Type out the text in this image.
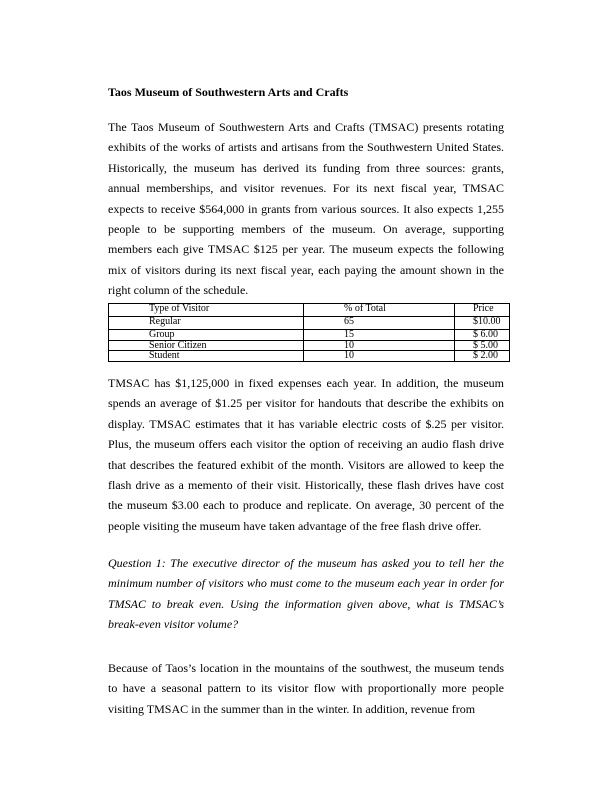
Taos Museum of Southwestern Arts and Crafts
The Taos Museum of Southwestern Arts and Crafts (TMSAC) presents rotating exhibits of the works of artists and artisans from the Southwestern United States. Historically, the museum has derived its funding from three sources: grants, annual memberships, and visitor revenues. For its next fiscal year, TMSAC expects to receive $564,000 in grants from various sources. It also expects 1,255 people to be supporting members of the museum. On average, supporting members each give TMSAC $125 per year. The museum expects the following mix of visitors during its next fiscal year, each paying the amount shown in the right column of the schedule.
Type of Visitor	% of Total	Price
Regular	65	$10.00
Group	15	$ 6.00
Senior Citizen	10	$ 5.00
Student	10	$ 2.00
TMSAC has $1,125,000 in fixed expenses each year. In addition, the museum spends an average of $1.25 per visitor for handouts that describe the exhibits on display. TMSAC estimates that it has variable electric costs of $.25 per visitor. Plus, the museum offers each visitor the option of receiving an audio flash drive that describes the featured exhibit of the month. Visitors are allowed to keep the flash drive as a memento of their visit. Historically, these flash drives have cost the museum $3.00 each to produce and replicate. On average, 30 percent of the people visiting the museum have taken advantage of the free flash drive offer.
Question 1: The executive director of the museum has asked you to tell her the minimum number of visitors who must come to the museum each year in order for TMSAC to break even. Using the information given above, what is TMSAC’s break-even visitor volume?
Because of Taos’s location in the mountains of the southwest, the museum tends to have a seasonal pattern to its visitor flow with proportionally more people visiting TMSAC in the summer than in the winter. In addition, revenue from
